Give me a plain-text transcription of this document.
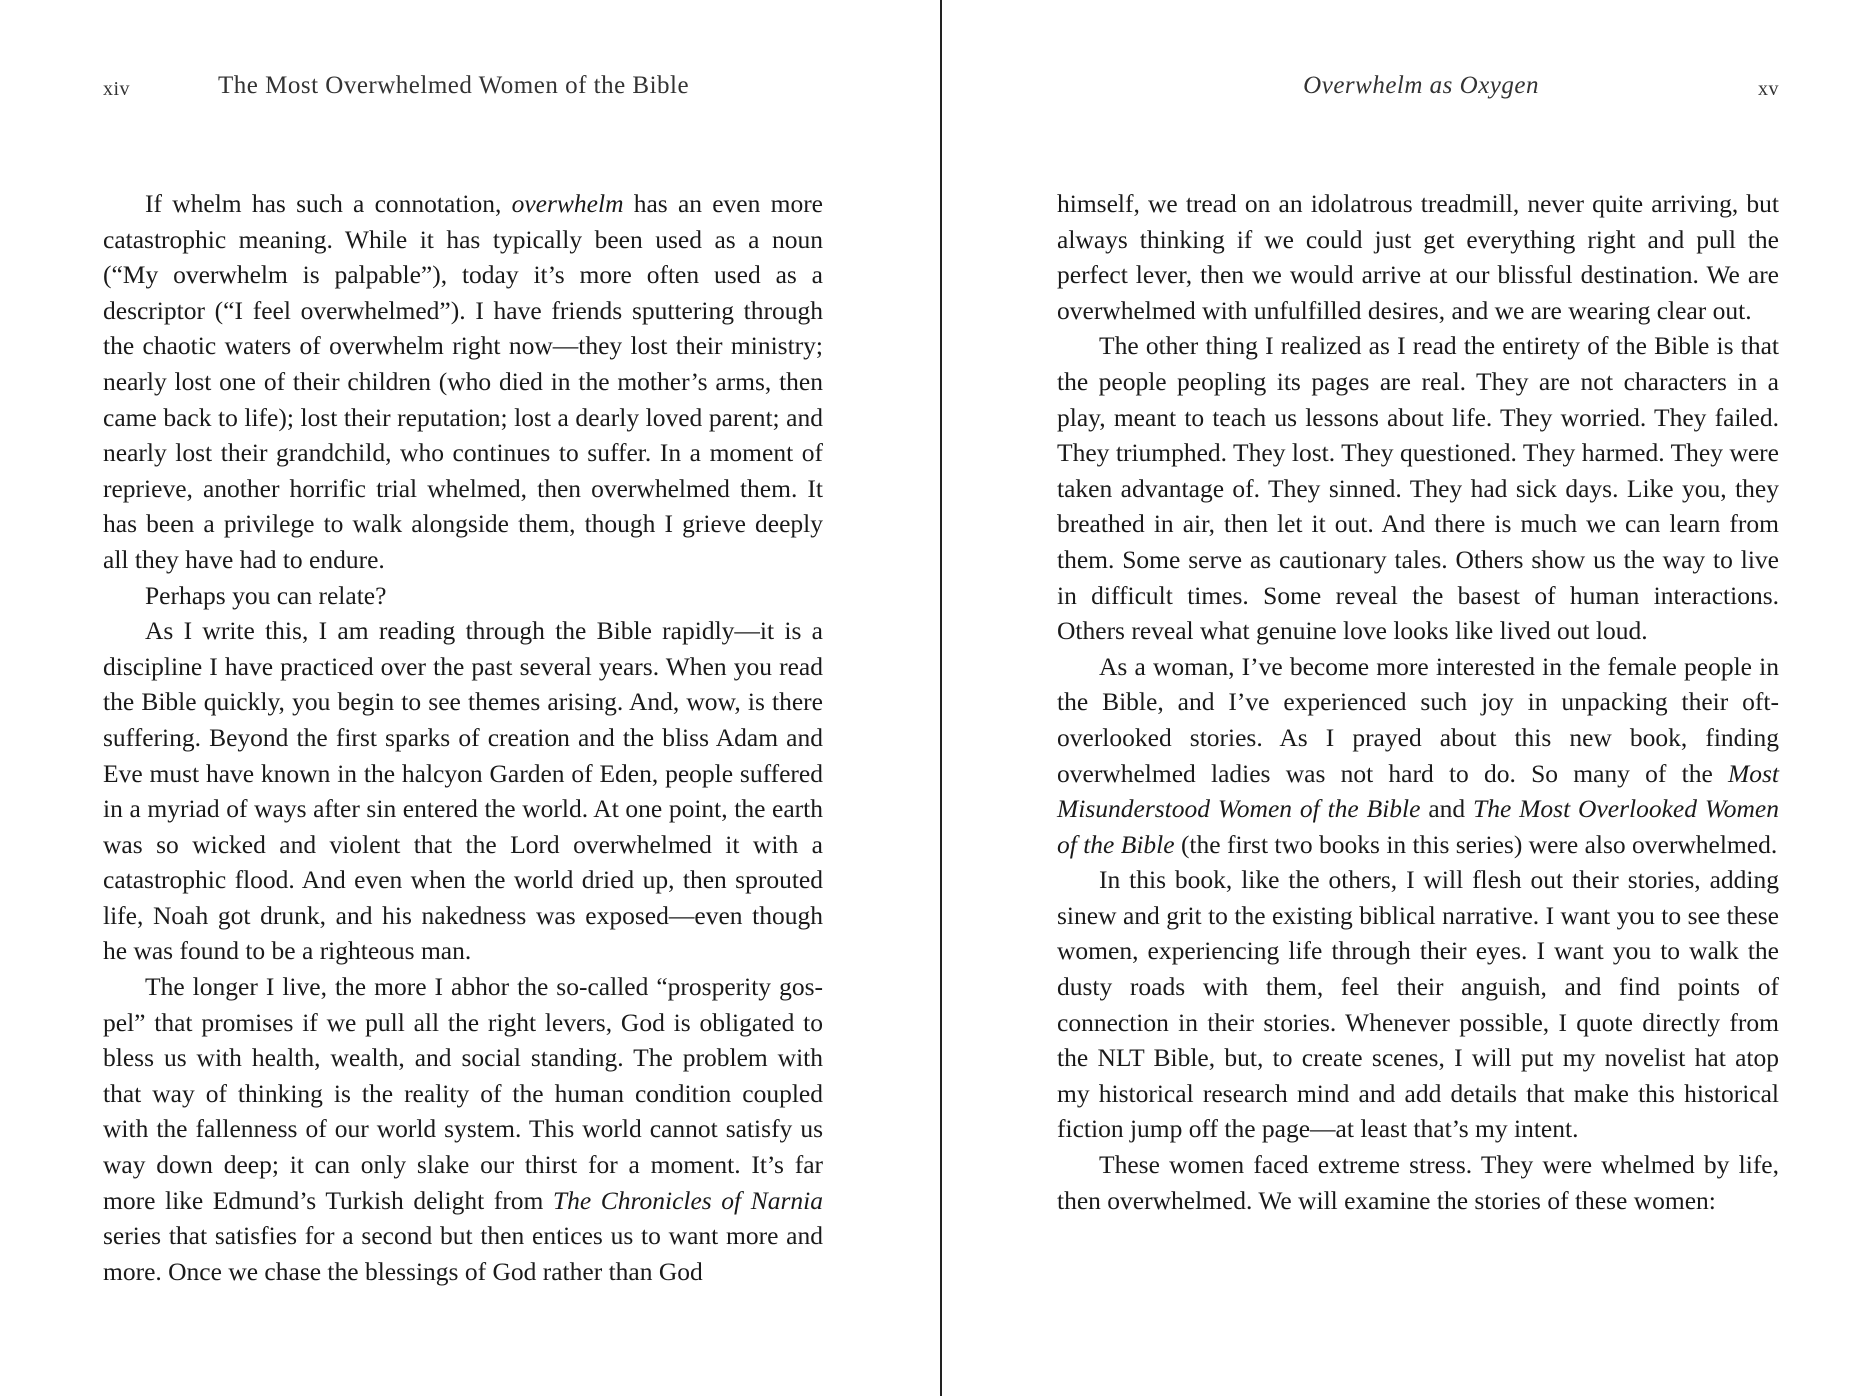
xiv	The Most Overwhelmed Women of the Bible

If whelm has such a connotation, overwhelm has an even more catastrophic meaning. While it has typically been used as a noun (“My overwhelm is palpable”), today it’s more often used as a descriptor (“I feel overwhelmed”). I have friends sputtering through the chaotic waters of overwhelm right now—they lost their ministry; nearly lost one of their children (who died in the mother’s arms, then came back to life); lost their reputation; lost a dearly loved parent; and nearly lost their grandchild, who continues to suffer. In a moment of reprieve, another horrific trial whelmed, then overwhelmed them. It has been a privilege to walk alongside them, though I grieve deeply all they have had to endure.

Perhaps you can relate?

As I write this, I am reading through the Bible rapidly—it is a discipline I have practiced over the past several years. When you read the Bible quickly, you begin to see themes arising. And, wow, is there suffering. Beyond the first sparks of creation and the bliss Adam and Eve must have known in the halcyon Garden of Eden, people suffered in a myriad of ways after sin entered the world. At one point, the earth was so wicked and violent that the Lord overwhelmed it with a catastrophic flood. And even when the world dried up, then sprouted life, Noah got drunk, and his nakedness was exposed—even though he was found to be a righteous man.

The longer I live, the more I abhor the so-called “prosperity gospel” that promises if we pull all the right levers, God is obligated to bless us with health, wealth, and social standing. The problem with that way of thinking is the reality of the human condition coupled with the fallenness of our world system. This world cannot satisfy us way down deep; it can only slake our thirst for a moment. It’s far more like Edmund’s Turkish delight from The Chronicles of Narnia series that satisfies for a second but then entices us to want more and more. Once we chase the blessings of God rather than God

Overwhelm as Oxygen	xv

himself, we tread on an idolatrous treadmill, never quite arriving, but always thinking if we could just get everything right and pull the perfect lever, then we would arrive at our blissful destination. We are overwhelmed with unfulfilled desires, and we are wearing clear out.

The other thing I realized as I read the entirety of the Bible is that the people peopling its pages are real. They are not characters in a play, meant to teach us lessons about life. They worried. They failed. They triumphed. They lost. They questioned. They harmed. They were taken advantage of. They sinned. They had sick days. Like you, they breathed in air, then let it out. And there is much we can learn from them. Some serve as cautionary tales. Others show us the way to live in difficult times. Some reveal the basest of human interactions. Others reveal what genuine love looks like lived out loud.

As a woman, I’ve become more interested in the female people in the Bible, and I’ve experienced such joy in unpacking their oft-overlooked stories. As I prayed about this new book, finding overwhelmed ladies was not hard to do. So many of the Most Misunderstood Women of the Bible and The Most Overlooked Women of the Bible (the first two books in this series) were also overwhelmed.

In this book, like the others, I will flesh out their stories, adding sinew and grit to the existing biblical narrative. I want you to see these women, experiencing life through their eyes. I want you to walk the dusty roads with them, feel their anguish, and find points of connection in their stories. Whenever possible, I quote directly from the NLT Bible, but, to create scenes, I will put my novelist hat atop my historical research mind and add details that make this historical fiction jump off the page—at least that’s my intent.

These women faced extreme stress. They were whelmed by life, then overwhelmed. We will examine the stories of these women:
